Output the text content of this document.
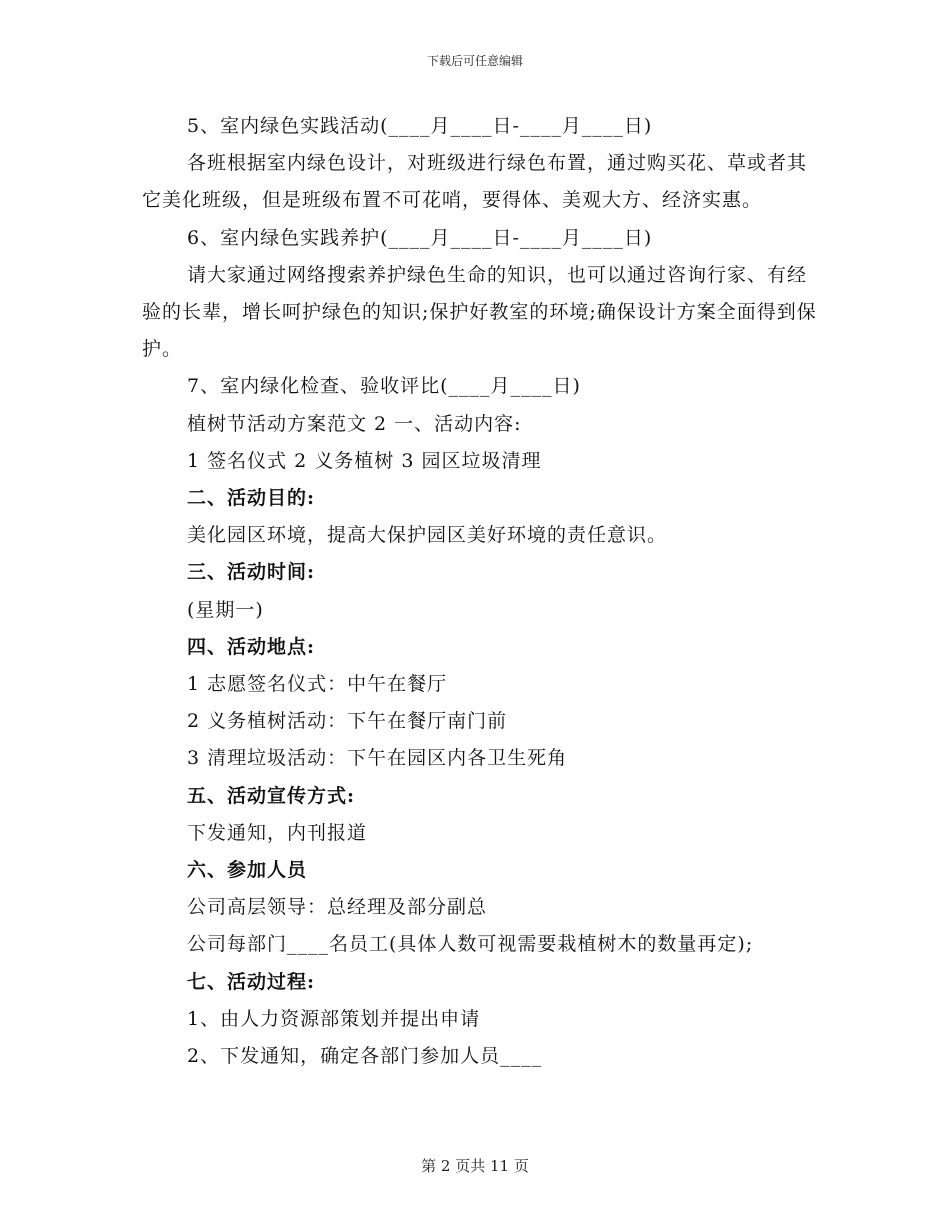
下载后可任意编辑

5、室内绿色实践活动(____月____日-____月____日)

各班根据室内绿色设计，对班级进行绿色布置，通过购买花、草或者其它美化班级，但是班级布置不可花哨，要得体、美观大方、经济实惠。

6、室内绿色实践养护(____月____日-____月____日)

请大家通过网络搜索养护绿色生命的知识，也可以通过咨询行家、有经验的长辈，增长呵护绿色的知识;保护好教室的环境;确保设计方案全面得到保护。

7、室内绿化检查、验收评比(____月____日)

植树节活动方案范文 2 一、活动内容:

1 签名仪式 2 义务植树 3 园区垃圾清理

二、活动目的:

美化园区环境，提高大保护园区美好环境的责任意识。

三、活动时间:

(星期一)

四、活动地点:

1 志愿签名仪式：中午在餐厅

2 义务植树活动：下午在餐厅南门前

3 清理垃圾活动：下午在园区内各卫生死角

五、活动宣传方式:

下发通知，内刊报道

六、参加人员

公司高层领导：总经理及部分副总

公司每部门____名员工(具体人数可视需要栽植树木的数量再定);

七、活动过程:

1、由人力资源部策划并提出申请

2、下发通知，确定各部门参加人员____

第 2 页共 11 页
